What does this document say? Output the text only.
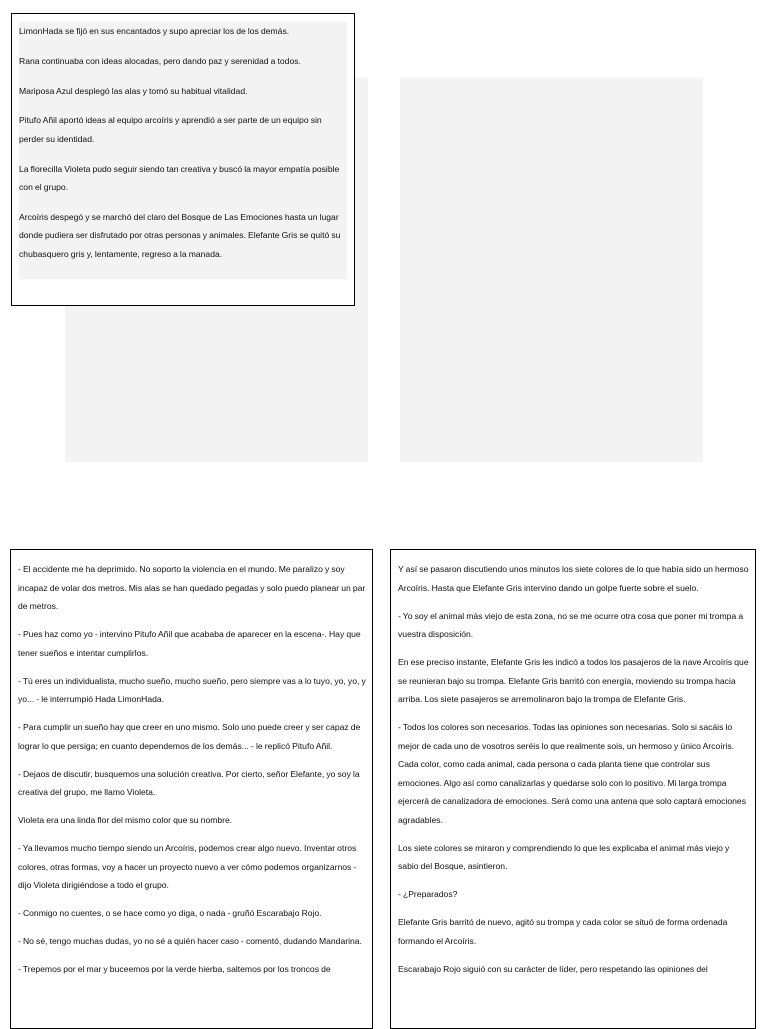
LimonHada se fijó en sus encantados y supo apreciar los de los demás.

Rana continuaba con ideas alocadas, pero dando paz y serenidad a todos.

Mariposa Azul desplegó las alas y tomó su habitual vitalidad.

Pitufo Añil aportó ideas al equipo arcoíris y aprendió a ser parte de un equipo sin perder su identidad.

La florecilla Violeta pudo seguir siendo tan creativa y buscó la mayor empatía posible con el grupo.

Arcoíris despegó y se marchó del claro del Bosque de Las Emociones hasta un lugar donde pudiera ser disfrutado por otras personas y animales. Elefante Gris se quitó su chubasquero gris y, lentamente, regreso a la manada.

- El accidente me ha deprimido. No soporto la violencia en el mundo. Me paralizo y soy incapaz de volar dos metros. Mis alas se han quedado pegadas y solo puedo planear un par de metros.

- Pues haz como yo - intervino Pitufo Añil que acababa de aparecer en la escena-. Hay que tener sueños e intentar cumplirlos.

- Tú eres un individualista, mucho sueño, mucho sueño, pero siempre vas a lo tuyo, yo, yo, y yo... - le interrumpió Hada LimonHada.

- Para cumplir un sueño hay que creer en uno mismo. Solo uno puede creer y ser capaz de lograr lo que persiga; en cuanto dependemos de los demás... - le replicó Pitufo Añil.

- Dejaos de discutir, busquemos una solución creativa. Por cierto, señor Elefante, yo soy la creativa del grupo, me llamo Violeta.

Violeta era una linda flor del mismo color que su nombre.

- Ya llevamos mucho tiempo siendo un Arcoíris, podemos crear algo nuevo. Inventar otros colores, otras formas, voy a hacer un proyecto nuevo a ver cómo podemos organizarnos - dijo Violeta dirigiéndose a todo el grupo.

- Conmigo no cuentes, o se hace como yo diga, o nada - gruñó Escarabajo Rojo.

- No sé, tengo muchas dudas, yo no sé a quién hacer caso - comentó, dudando Mandarina.

- Trepemos por el mar y buceemos por la verde hierba, saltemos por los troncos de

Y así se pasaron discutiendo unos minutos los siete colores de lo que había sido un hermoso Arcoíris. Hasta que Elefante Gris intervino dando un golpe fuerte sobre el suelo.

- Yo soy el animal más viejo de esta zona, no se me ocurre otra cosa que poner mi trompa a vuestra disposición.

En ese preciso instante, Elefante Gris les indicó a todos los pasajeros de la nave Arcoíris que se reunieran bajo su trompa. Elefante Gris barritó con energía, moviendo su trompa hacia arriba. Los siete pasajeros se arremolinaron bajo la trompa de Elefante Gris.

- Todos los colores son necesarios. Todas las opiniones son necesarias. Solo si sacáis lo mejor de cada uno de vosotros seréis lo que realmente sois, un hermoso y único Arcoíris. Cada color, como cada animal, cada persona o cada planta tiene que controlar sus emociones. Algo así como canalizarlas y quedarse solo con lo positivo. Mi larga trompa ejercerá de canalizadora de emociones. Será como una antena que solo captará emociones agradables.

Los siete colores se miraron y comprendiendo lo que les explicaba el animal más viejo y sabio del Bosque, asintieron.

- ¿Preparados?

Elefante Gris barritó de nuevo, agitó su trompa y cada color se situó de forma ordenada formando el Arcoíris.

Escarabajo Rojo siguió con su carácter de líder, pero respetando las opiniones del
